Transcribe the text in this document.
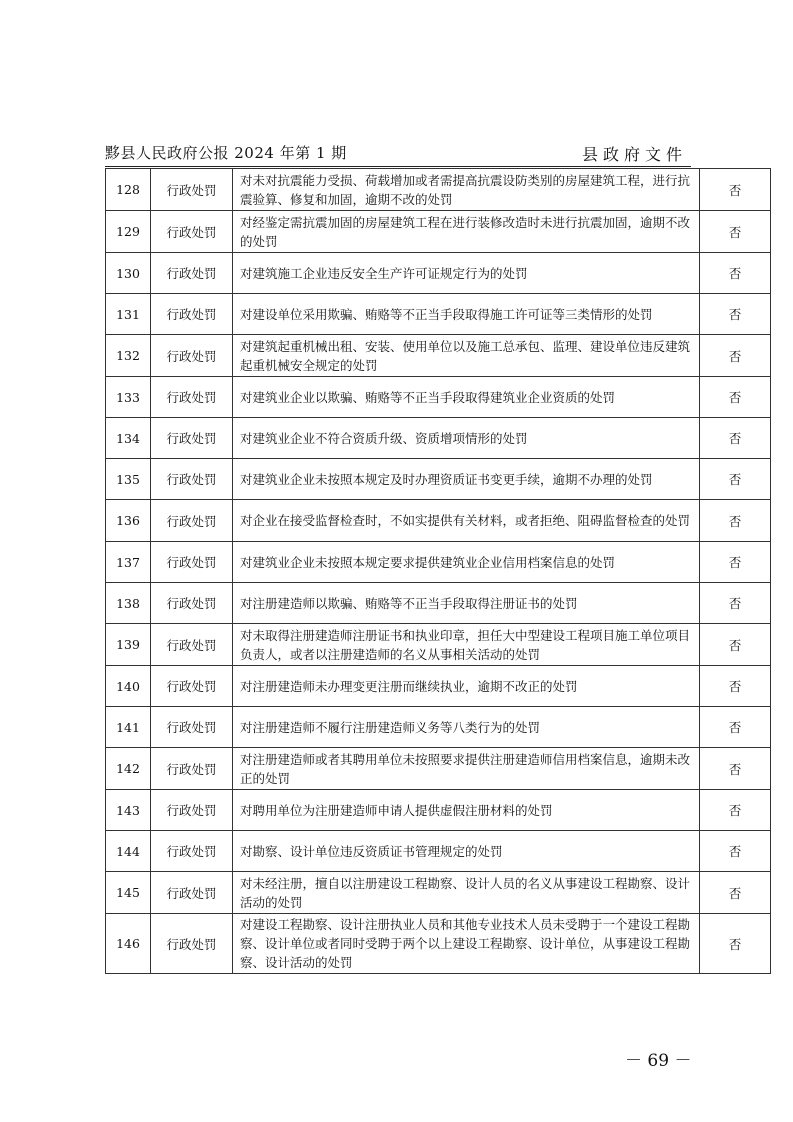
黟县人民政府公报 2024 年第 1 期	县政府文件
128	行政处罚	对未对抗震能力受损、荷载增加或者需提高抗震设防类别的房屋建筑工程，进行抗震验算、修复和加固，逾期不改的处罚	否
129	行政处罚	对经鉴定需抗震加固的房屋建筑工程在进行装修改造时未进行抗震加固，逾期不改的处罚	否
130	行政处罚	对建筑施工企业违反安全生产许可证规定行为的处罚	否
131	行政处罚	对建设单位采用欺骗、贿赂等不正当手段取得施工许可证等三类情形的处罚	否
132	行政处罚	对建筑起重机械出租、安装、使用单位以及施工总承包、监理、建设单位违反建筑起重机械安全规定的处罚	否
133	行政处罚	对建筑业企业以欺骗、贿赂等不正当手段取得建筑业企业资质的处罚	否
134	行政处罚	对建筑业企业不符合资质升级、资质增项情形的处罚	否
135	行政处罚	对建筑业企业未按照本规定及时办理资质证书变更手续，逾期不办理的处罚	否
136	行政处罚	对企业在接受监督检查时，不如实提供有关材料，或者拒绝、阻碍监督检查的处罚	否
137	行政处罚	对建筑业企业未按照本规定要求提供建筑业企业信用档案信息的处罚	否
138	行政处罚	对注册建造师以欺骗、贿赂等不正当手段取得注册证书的处罚	否
139	行政处罚	对未取得注册建造师注册证书和执业印章，担任大中型建设工程项目施工单位项目负责人，或者以注册建造师的名义从事相关活动的处罚	否
140	行政处罚	对注册建造师未办理变更注册而继续执业，逾期不改正的处罚	否
141	行政处罚	对注册建造师不履行注册建造师义务等八类行为的处罚	否
142	行政处罚	对注册建造师或者其聘用单位未按照要求提供注册建造师信用档案信息，逾期未改正的处罚	否
143	行政处罚	对聘用单位为注册建造师申请人提供虚假注册材料的处罚	否
144	行政处罚	对勘察、设计单位违反资质证书管理规定的处罚	否
145	行政处罚	对未经注册，擅自以注册建设工程勘察、设计人员的名义从事建设工程勘察、设计活动的处罚	否
146	行政处罚	对建设工程勘察、设计注册执业人员和其他专业技术人员未受聘于一个建设工程勘察、设计单位或者同时受聘于两个以上建设工程勘察、设计单位，从事建设工程勘察、设计活动的处罚	否
－ 69 －
